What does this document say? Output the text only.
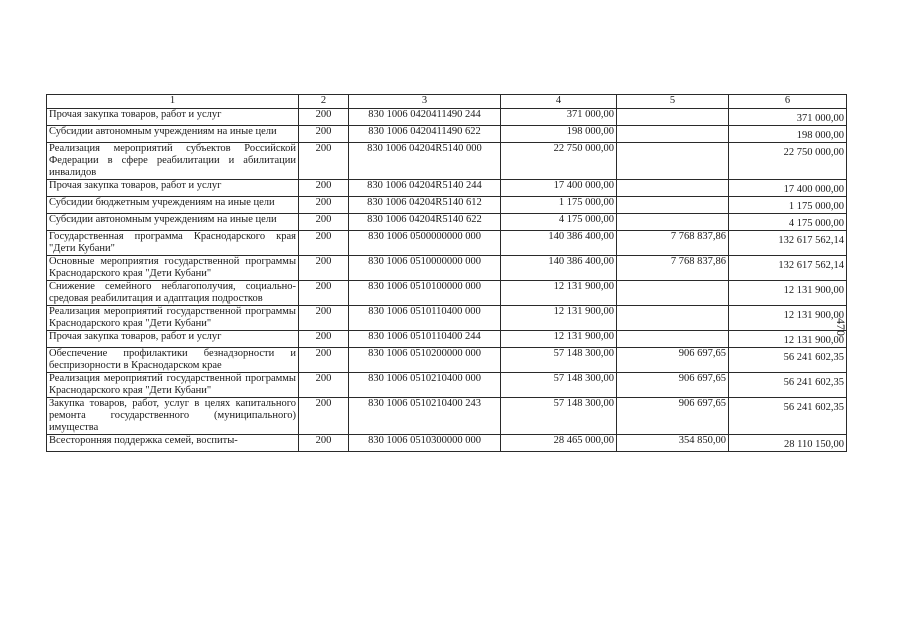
1	2	3	4	5	6
Прочая закупка товаров, работ и услуг	200	830 1006 0420411490 244	371 000,00		371 000,00
Субсидии автономным учреждениям на иные цели	200	830 1006 0420411490 622	198 000,00		198 000,00
Реализация мероприятий субъектов Российской Федерации в сфере реабилитации и абилитации инвалидов	200	830 1006 04204R5140 000	22 750 000,00		22 750 000,00
Прочая закупка товаров, работ и услуг	200	830 1006 04204R5140 244	17 400 000,00		17 400 000,00
Субсидии бюджетным учреждениям на иные цели	200	830 1006 04204R5140 612	1 175 000,00		1 175 000,00
Субсидии автономным учреждениям на иные цели	200	830 1006 04204R5140 622	4 175 000,00		4 175 000,00
Государственная программа Краснодарского края "Дети Кубани"	200	830 1006 0500000000 000	140 386 400,00	7 768 837,86	132 617 562,14
Основные мероприятия государственной программы Краснодарского края "Дети Кубани"	200	830 1006 0510000000 000	140 386 400,00	7 768 837,86	132 617 562,14
Снижение семейного неблагополучия, социально-средовая реабилитация и адаптация подростков	200	830 1006 0510100000 000	12 131 900,00		12 131 900,00
Реализация мероприятий государственной программы Краснодарского края "Дети Кубани"	200	830 1006 0510110400 000	12 131 900,00		12 131 900,00
Прочая закупка товаров, работ и услуг	200	830 1006 0510110400 244	12 131 900,00		12 131 900,00
Обеспечение профилактики безнадзорности и беспризорности в Краснодарском крае	200	830 1006 0510200000 000	57 148 300,00	906 697,65	56 241 602,35
Реализация мероприятий государственной программы Краснодарского края "Дети Кубани"	200	830 1006 0510210400 000	57 148 300,00	906 697,65	56 241 602,35
Закупка товаров, работ, услуг в целях капитального ремонта государственного (муниципального) имущества	200	830 1006 0510210400 243	57 148 300,00	906 697,65	56 241 602,35
Всесторонняя поддержка семей, воспиты-	200	830 1006 0510300000 000	28 465 000,00	354 850,00	28 110 150,00
470
